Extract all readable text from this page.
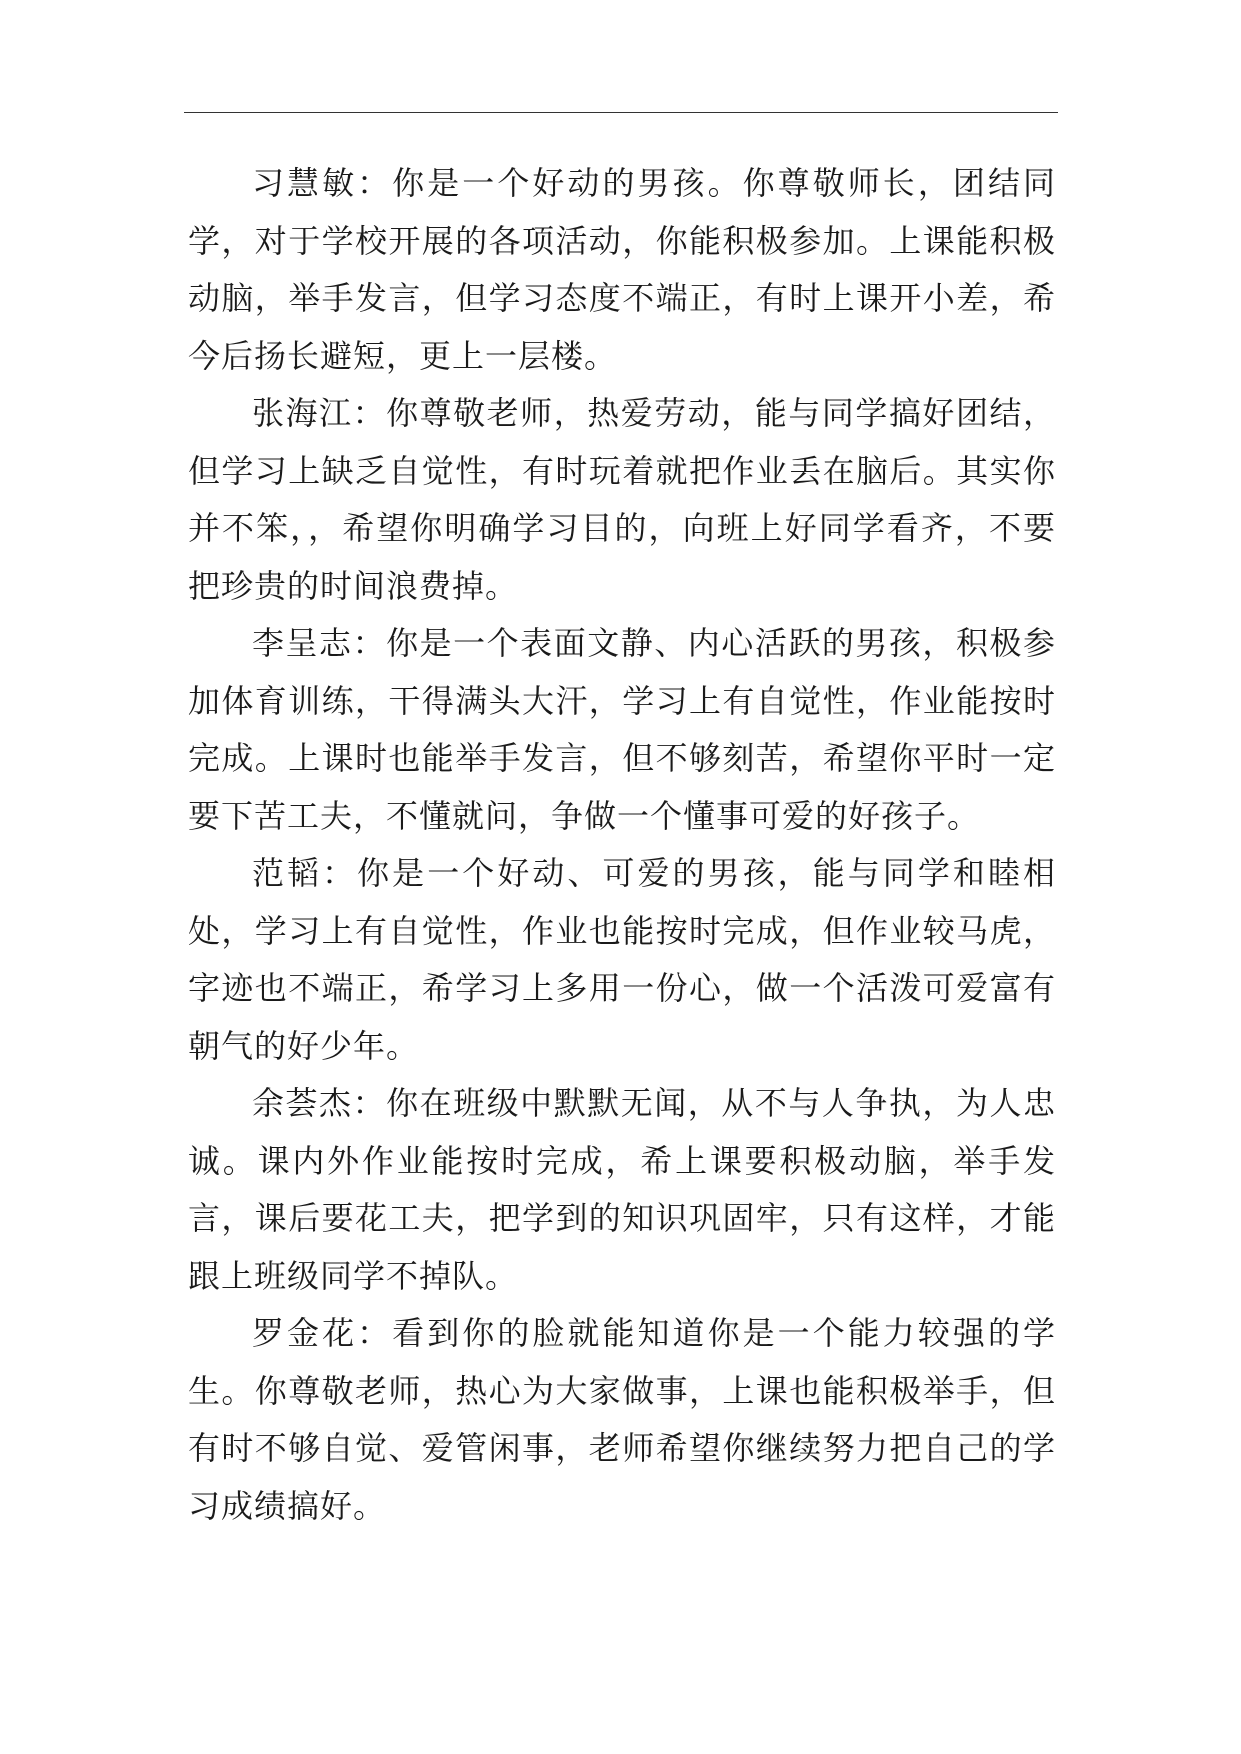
习慧敏：你是一个好动的男孩。你尊敬师长，团结同学，对于学校开展的各项活动，你能积极参加。上课能积极动脑，举手发言，但学习态度不端正，有时上课开小差，希今后扬长避短，更上一层楼。

张海江：你尊敬老师，热爱劳动，能与同学搞好团结，但学习上缺乏自觉性，有时玩着就把作业丢在脑后。其实你并不笨，，希望你明确学习目的，向班上好同学看齐，不要把珍贵的时间浪费掉。

李呈志：你是一个表面文静、内心活跃的男孩，积极参加体育训练，干得满头大汗，学习上有自觉性，作业能按时完成。上课时也能举手发言，但不够刻苦，希望你平时一定要下苦工夫，不懂就问，争做一个懂事可爱的好孩子。

范韬：你是一个好动、可爱的男孩，能与同学和睦相处，学习上有自觉性，作业也能按时完成，但作业较马虎，字迹也不端正，希学习上多用一份心，做一个活泼可爱富有朝气的好少年。

余荟杰：你在班级中默默无闻，从不与人争执，为人忠诚。课内外作业能按时完成，希上课要积极动脑，举手发言，课后要花工夫，把学到的知识巩固牢，只有这样，才能跟上班级同学不掉队。

罗金花：看到你的脸就能知道你是一个能力较强的学生。你尊敬老师，热心为大家做事，上课也能积极举手，但有时不够自觉、爱管闲事，老师希望你继续努力把自己的学习成绩搞好。
